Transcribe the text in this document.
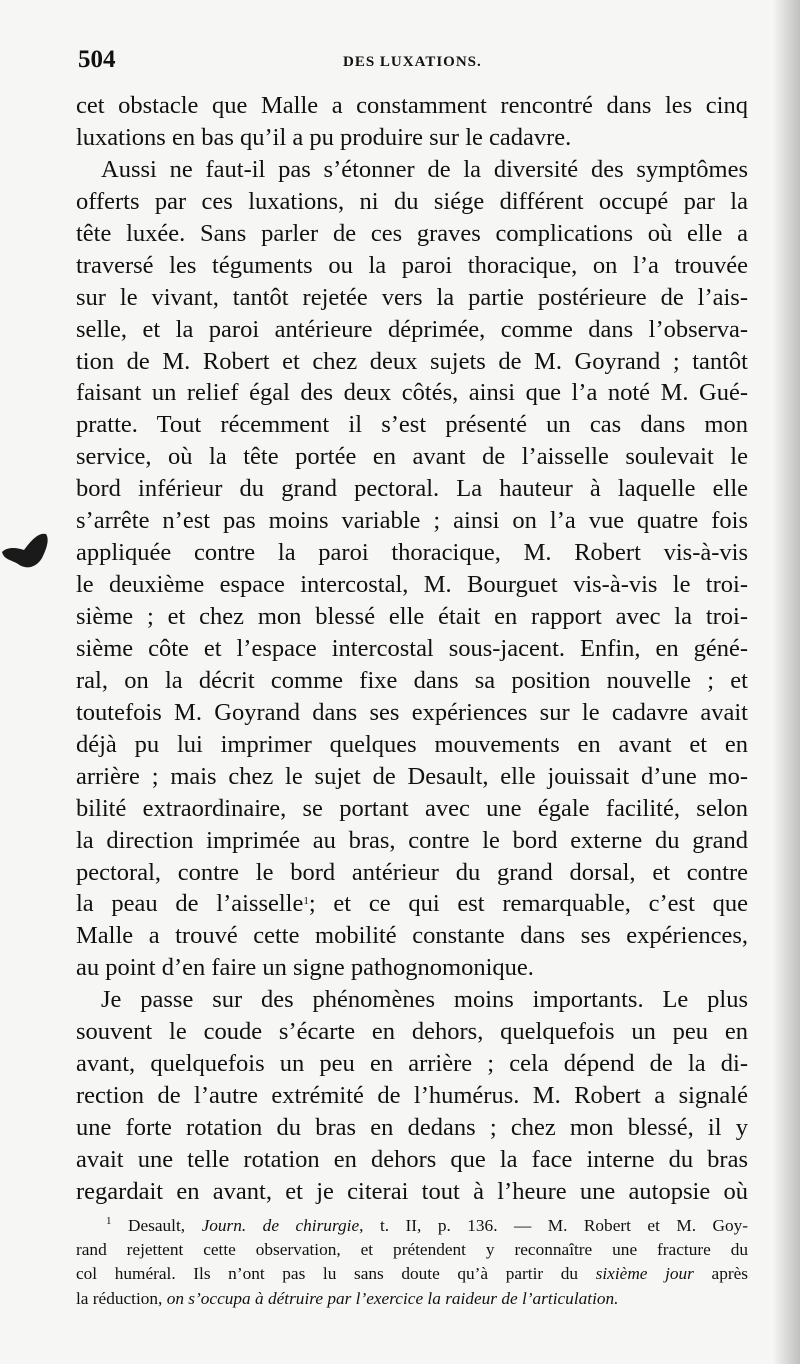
504	DES LUXATIONS.
cet obstacle que Malle a constamment rencontré dans les cinq
luxations en bas qu’il a pu produire sur le cadavre.
Aussi ne faut-il pas s’étonner de la diversité des symptômes
offerts par ces luxations, ni du siége différent occupé par la
tête luxée. Sans parler de ces graves complications où elle a
traversé les téguments ou la paroi thoracique, on l’a trouvée
sur le vivant, tantôt rejetée vers la partie postérieure de l’ais-
selle, et la paroi antérieure déprimée, comme dans l’observa-
tion de M. Robert et chez deux sujets de M. Goyrand ; tantôt
faisant un relief égal des deux côtés, ainsi que l’a noté M. Gué-
pratte. Tout récemment il s’est présenté un cas dans mon
service, où la tête portée en avant de l’aisselle soulevait le
bord inférieur du grand pectoral. La hauteur à laquelle elle
s’arrête n’est pas moins variable ; ainsi on l’a vue quatre fois
appliquée contre la paroi thoracique, M. Robert vis-à-vis
le deuxième espace intercostal, M. Bourguet vis-à-vis le troi-
sième ; et chez mon blessé elle était en rapport avec la troi-
sième côte et l’espace intercostal sous-jacent. Enfin, en géné-
ral, on la décrit comme fixe dans sa position nouvelle ; et
toutefois M. Goyrand dans ses expériences sur le cadavre avait
déjà pu lui imprimer quelques mouvements en avant et en
arrière ; mais chez le sujet de Desault, elle jouissait d’une mo-
bilité extraordinaire, se portant avec une égale facilité, selon
la direction imprimée au bras, contre le bord externe du grand
pectoral, contre le bord antérieur du grand dorsal, et contre
la peau de l’aisselle$^1$; et ce qui est remarquable, c’est que
Malle a trouvé cette mobilité constante dans ses expériences,
au point d’en faire un signe pathognomonique.
Je passe sur des phénomènes moins importants. Le plus
souvent le coude s’écarte en dehors, quelquefois un peu en
avant, quelquefois un peu en arrière ; cela dépend de la di-
rection de l’autre extrémité de l’humérus. M. Robert a signalé
une forte rotation du bras en dedans ; chez mon blessé, il y
avait une telle rotation en dehors que la face interne du bras
regardait en avant, et je citerai tout à l’heure une autopsie où
$^1$ Desault, Journ. de chirurgie, t. II, p. 136. — M. Robert et M. Goy-
rand rejettent cette observation, et prétendent y reconnaître une fracture du
col huméral. Ils n’ont pas lu sans doute qu’à partir du sixième jour après
la réduction, on s’occupa à détruire par l’exercice la raideur de l’articulation.
